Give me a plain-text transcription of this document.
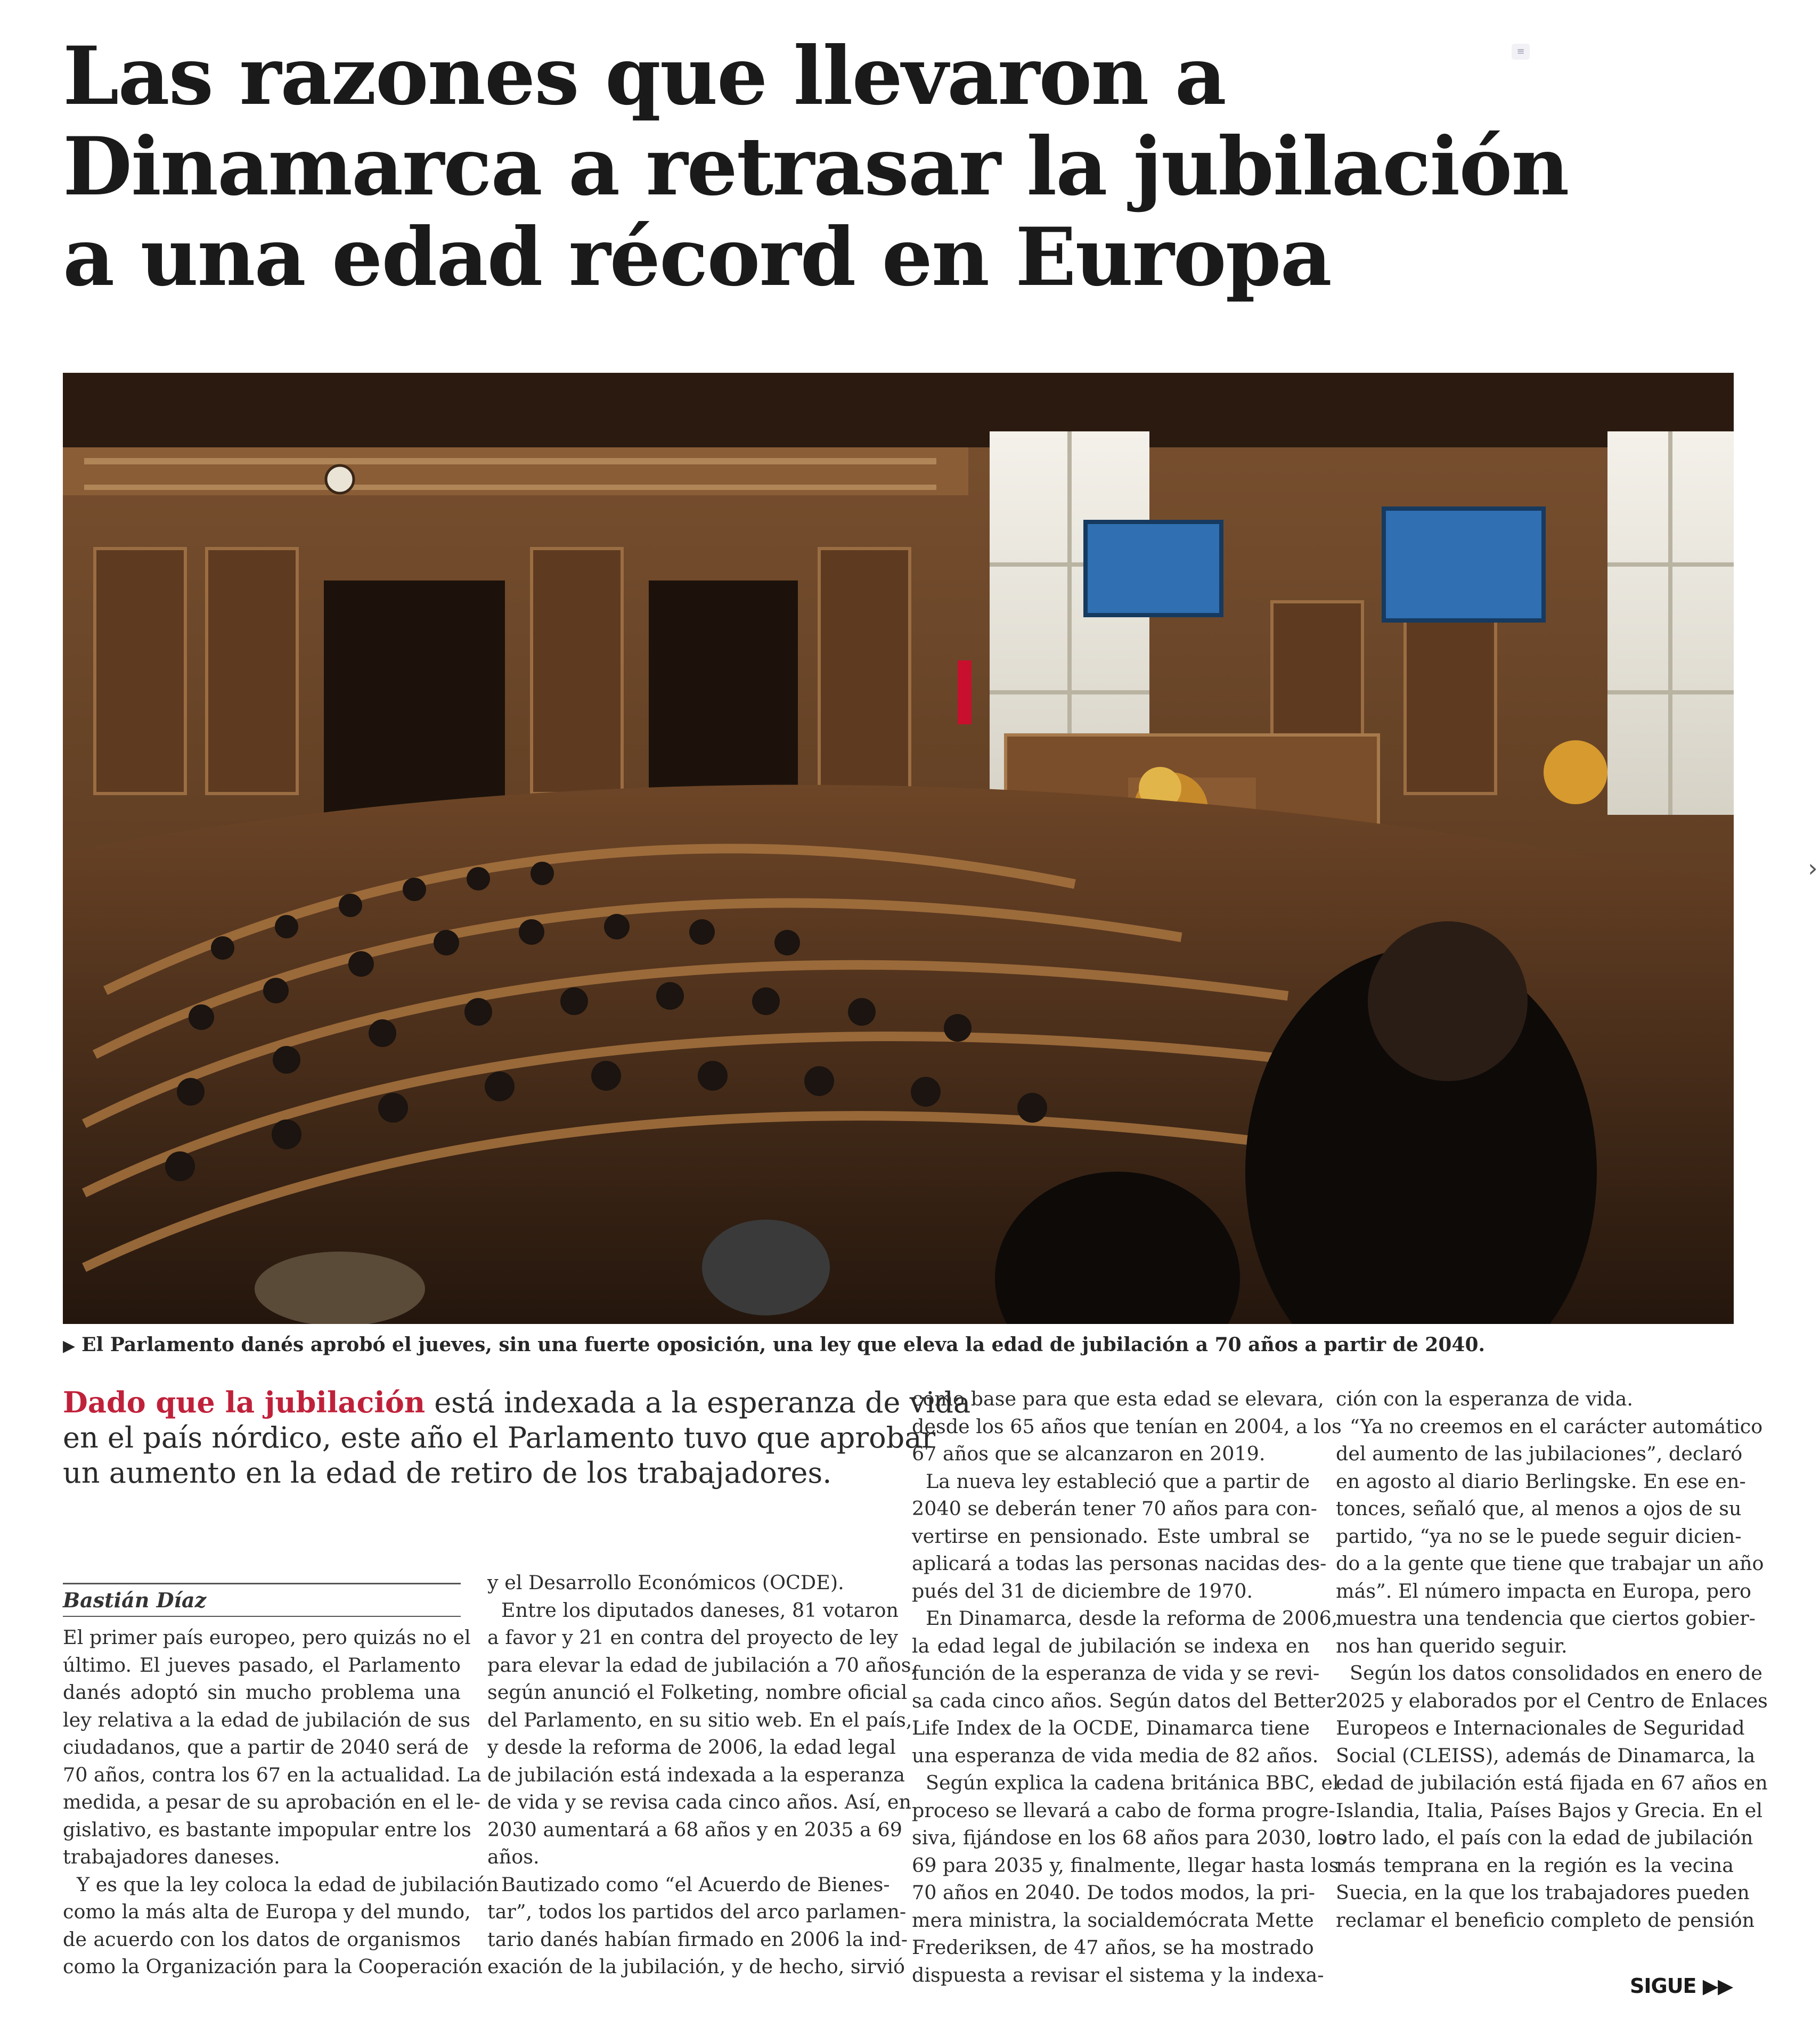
Las razones que llevaron a
Dinamarca a retrasar la jubilación
a una edad récord en Europa
≡
›
▶ El Parlamento danés aprobó el jueves, sin una fuerte oposición, una ley que eleva la edad de jubilación a 70 años a partir de 2040.
Dado que la jubilación está indexada a la esperanza de vida
en el país nórdico, este año el Parlamento tuvo que aprobar
un aumento en la edad de retiro de los trabajadores.
Bastián Díaz
El primer país europeo, pero quizás no el
último. El jueves pasado, el Parlamento
danés adoptó sin mucho problema una
ley relativa a la edad de jubilación de sus
ciudadanos, que a partir de 2040 será de
70 años, contra los 67 en la actualidad. La
medida, a pesar de su aprobación en el le-
gislativo, es bastante impopular entre los
trabajadores daneses.
Y es que la ley coloca la edad de jubilación
como la más alta de Europa y del mundo,
de acuerdo con los datos de organismos
como la Organización para la Cooperación
y el Desarrollo Económicos (OCDE).
Entre los diputados daneses, 81 votaron
a favor y 21 en contra del proyecto de ley
para elevar la edad de jubilación a 70 años,
según anunció el Folketing, nombre oficial
del Parlamento, en su sitio web. En el país,
y desde la reforma de 2006, la edad legal
de jubilación está indexada a la esperanza
de vida y se revisa cada cinco años. Así, en
2030 aumentará a 68 años y en 2035 a 69
años.
Bautizado como “el Acuerdo de Bienes-
tar”, todos los partidos del arco parlamen-
tario danés habían firmado en 2006 la ind-
exación de la jubilación, y de hecho, sirvió
como base para que esta edad se elevara,
desde los 65 años que tenían en 2004, a los
67 años que se alcanzaron en 2019.
La nueva ley estableció que a partir de
2040 se deberán tener 70 años para con-
vertirse en pensionado. Este umbral se
aplicará a todas las personas nacidas des-
pués del 31 de diciembre de 1970.
En Dinamarca, desde la reforma de 2006,
la edad legal de jubilación se indexa en
función de la esperanza de vida y se revi-
sa cada cinco años. Según datos del Better
Life Index de la OCDE, Dinamarca tiene
una esperanza de vida media de 82 años.
Según explica la cadena británica BBC, el
proceso se llevará a cabo de forma progre-
siva, fijándose en los 68 años para 2030, los
69 para 2035 y, finalmente, llegar hasta los
70 años en 2040. De todos modos, la pri-
mera ministra, la socialdemócrata Mette
Frederiksen, de 47 años, se ha mostrado
dispuesta a revisar el sistema y la indexa-
ción con la esperanza de vida.
“Ya no creemos en el carácter automático
del aumento de las jubilaciones”, declaró
en agosto al diario Berlingske. En ese en-
tonces, señaló que, al menos a ojos de su
partido, “ya no se le puede seguir dicien-
do a la gente que tiene que trabajar un año
más”. El número impacta en Europa, pero
muestra una tendencia que ciertos gobier-
nos han querido seguir.
Según los datos consolidados en enero de
2025 y elaborados por el Centro de Enlaces
Europeos e Internacionales de Seguridad
Social (CLEISS), además de Dinamarca, la
edad de jubilación está fijada en 67 años en
Islandia, Italia, Países Bajos y Grecia. En el
otro lado, el país con la edad de jubilación
más temprana en la región es la vecina
Suecia, en la que los trabajadores pueden
reclamar el beneficio completo de pensión
SIGUE ▶▶
